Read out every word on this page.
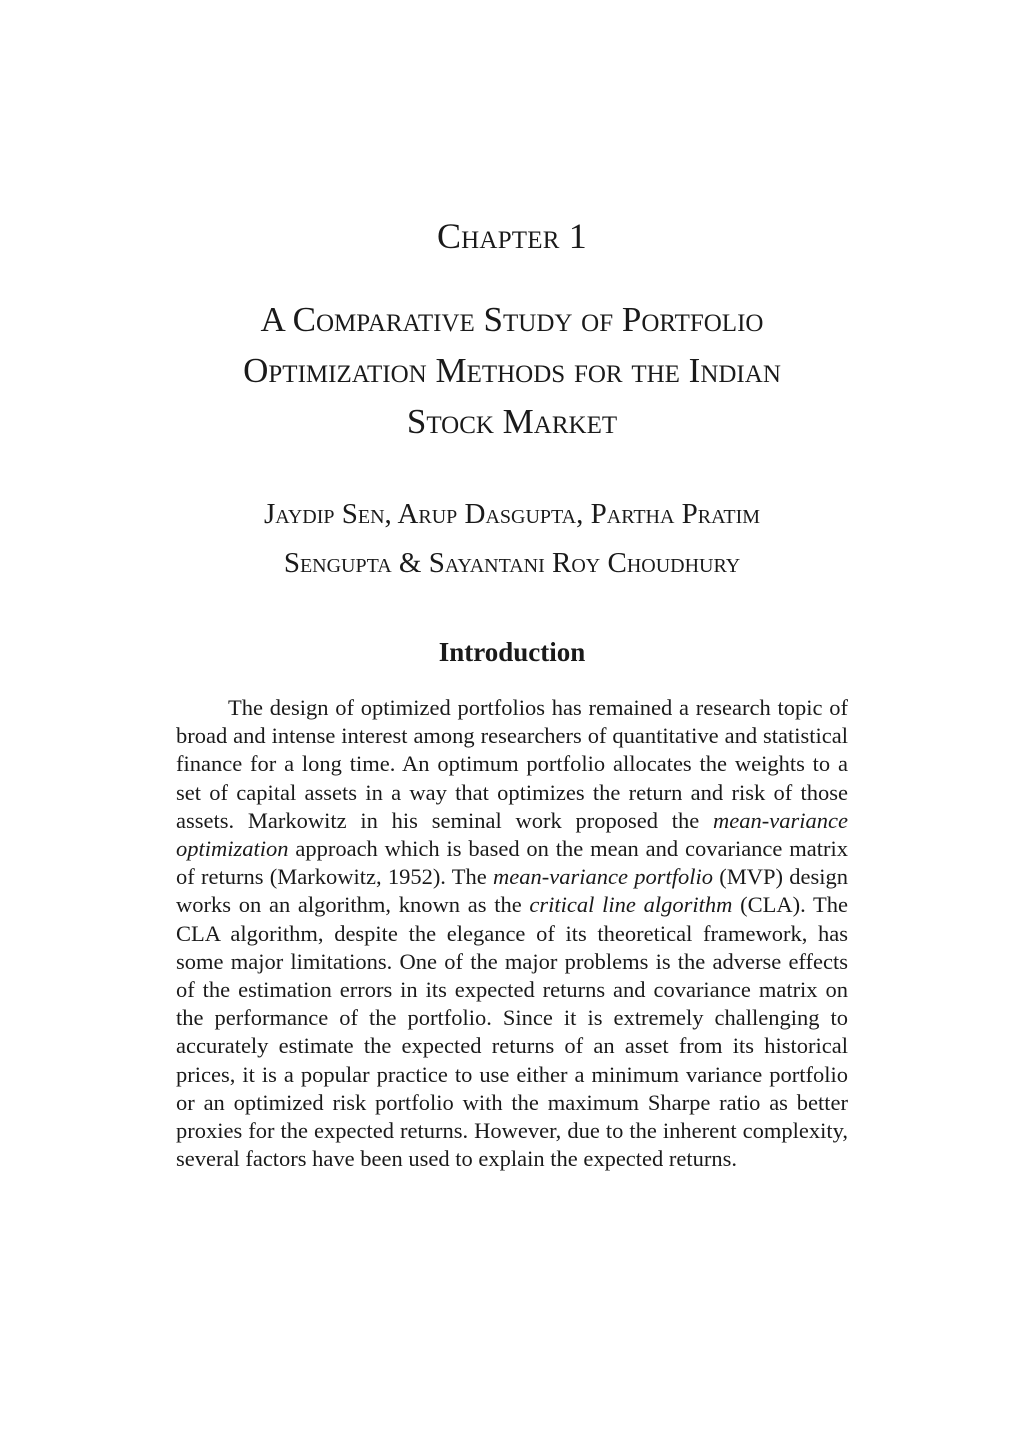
Chapter 1
A Comparative Study of Portfolio
Optimization Methods for the Indian
Stock Market
Jaydip Sen, Arup Dasgupta, Partha Pratim
Sengupta & Sayantani Roy Choudhury
Introduction

The design of optimized portfolios has remained a research topic of broad and intense interest among researchers of quantitative and statistical finance for a long time. An optimum portfolio allocates the weights to a set of capital assets in a way that optimizes the return and risk of those assets. Markowitz in his seminal work proposed the mean-variance optimization approach which is based on the mean and covariance matrix of returns (Markowitz, 1952). The mean-variance portfolio (MVP) design works on an algorithm, known as the critical line algorithm (CLA). The CLA algorithm, despite the elegance of its theoretical framework, has some major limitations. One of the major problems is the adverse effects of the estimation errors in its expected returns and covariance matrix on the performance of the portfolio. Since it is extremely challenging to accurately estimate the expected returns of an asset from its historical prices, it is a popular practice to use either a minimum variance portfolio or an optimized risk portfolio with the maximum Sharpe ratio as better proxies for the expected returns. However, due to the inherent complexity, several factors have been used to explain the expected returns.
